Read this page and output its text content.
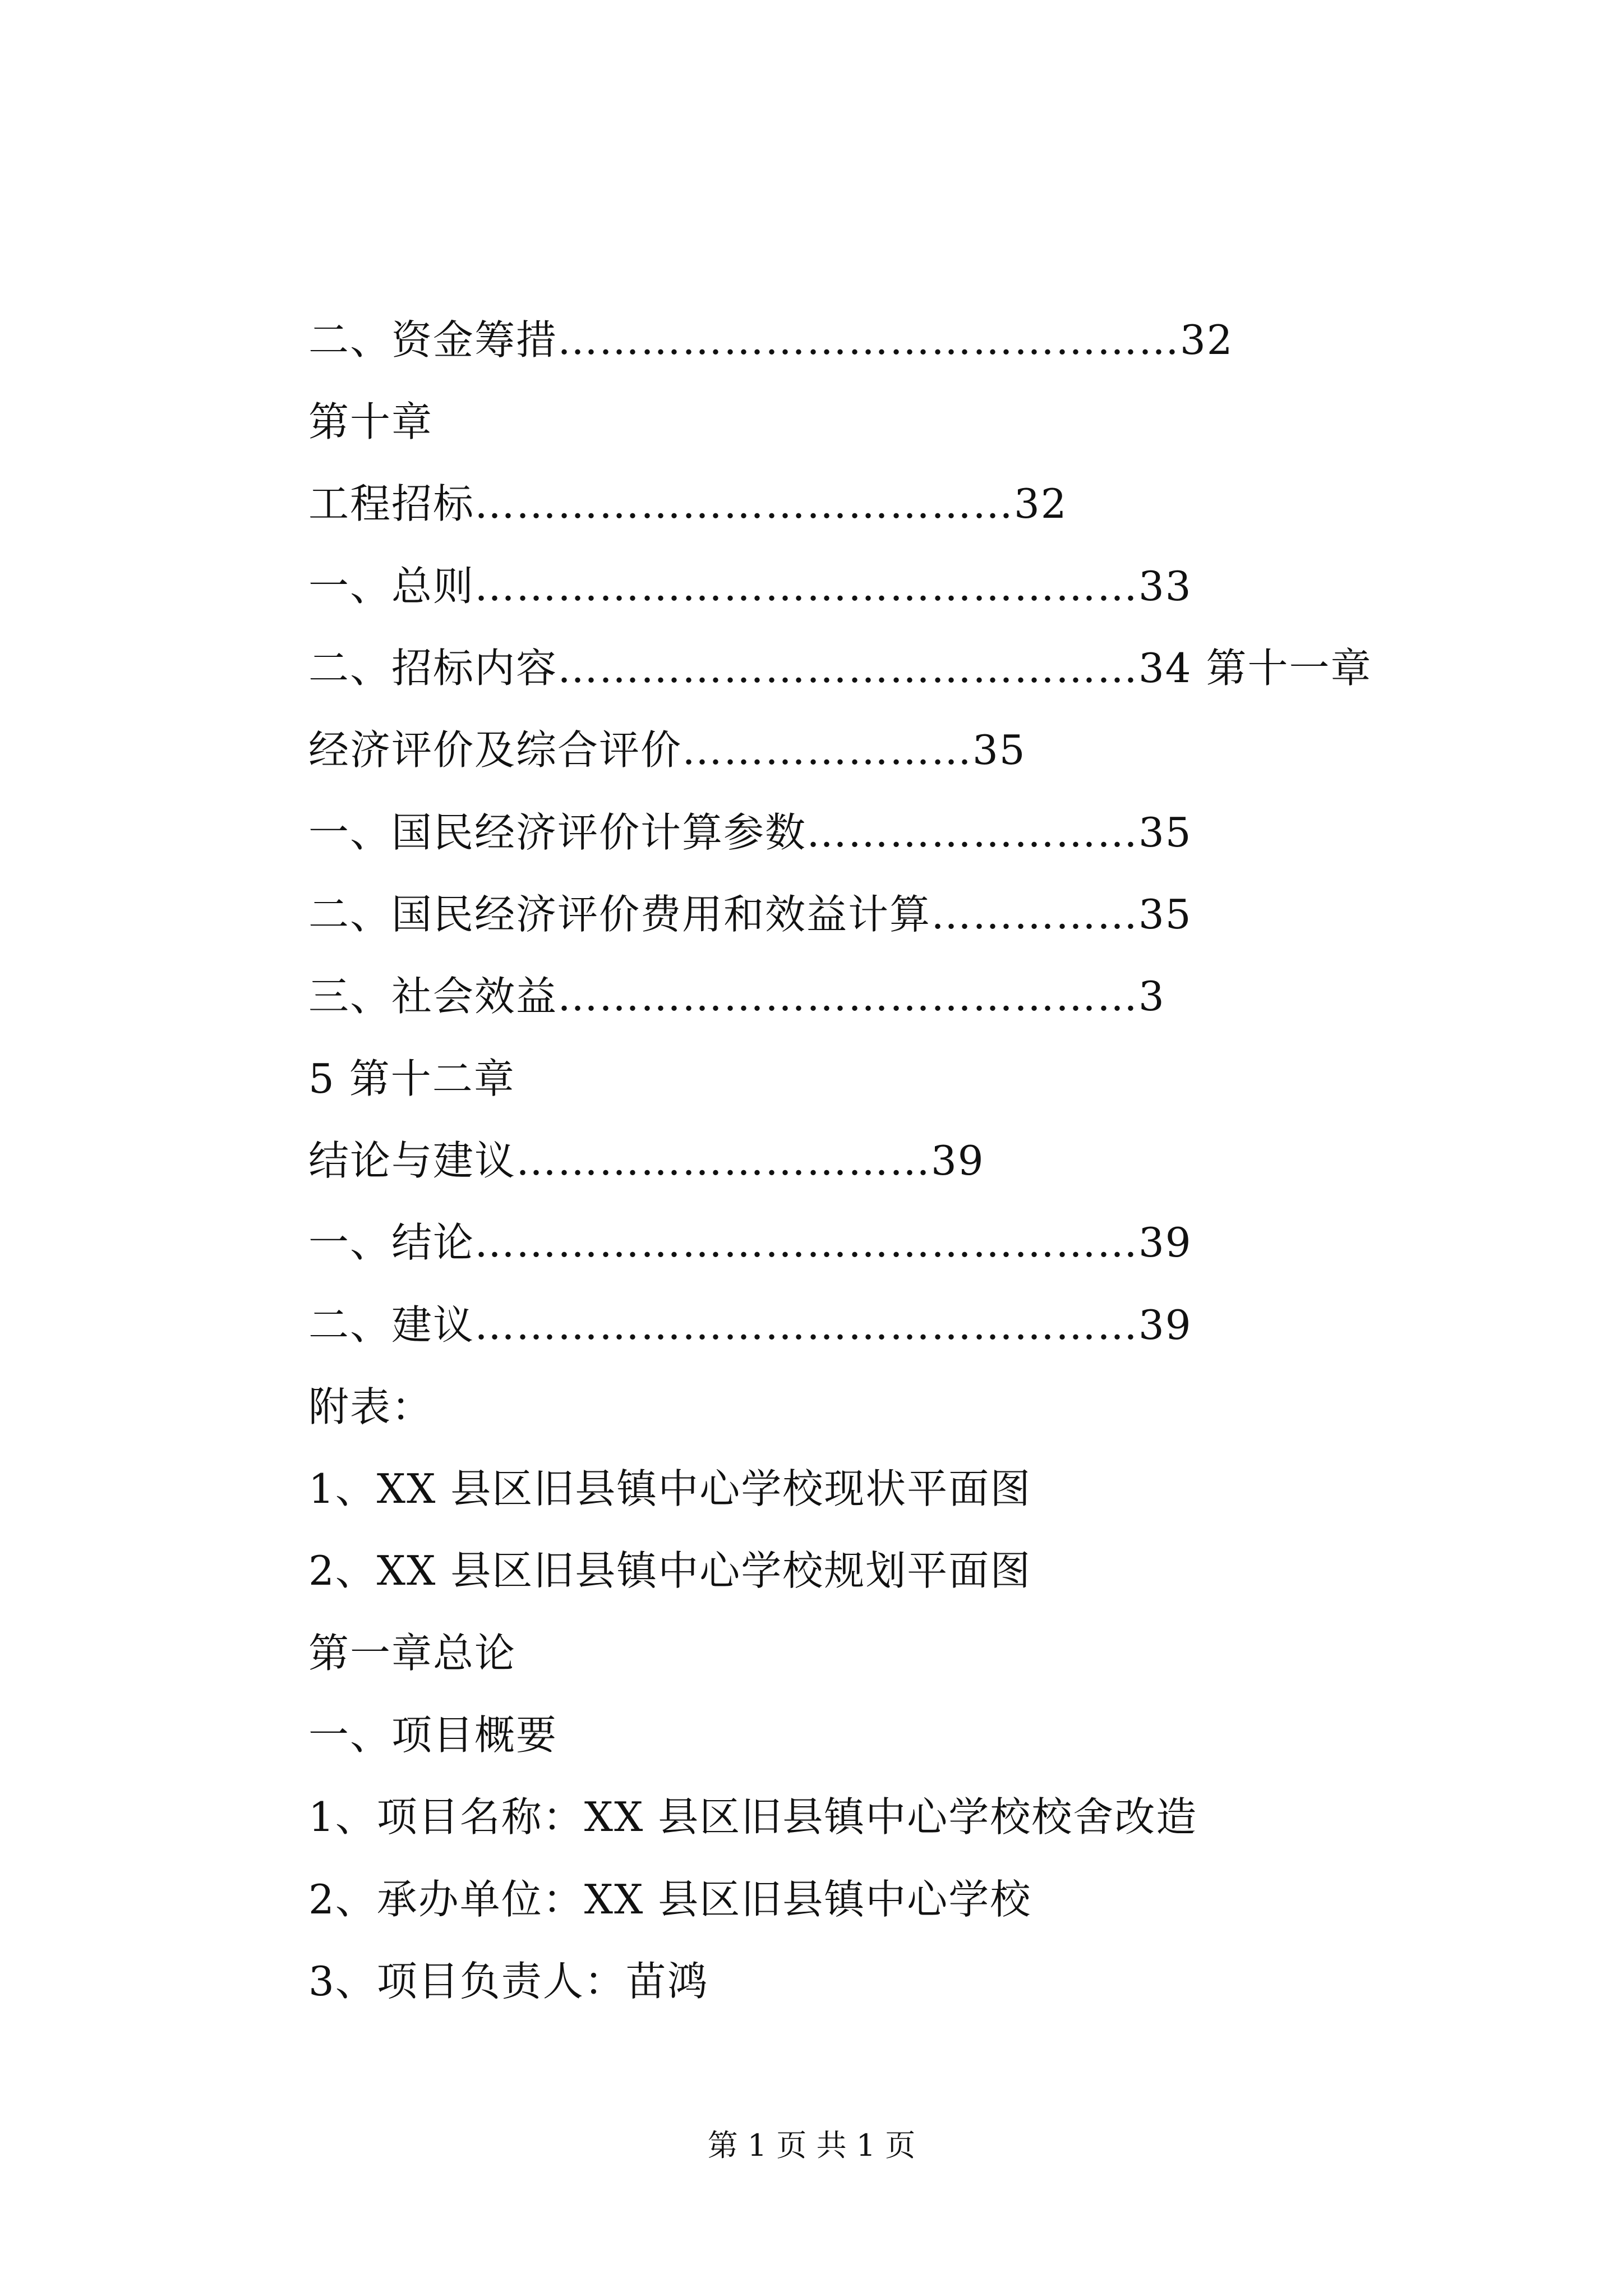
二、资金筹措………………………………………32
第十章
工程招标…………………………………32
一、总则…………………………………………33
二、招标内容……………………………………34 第十一章
经济评价及综合评价…………………35
一、国民经济评价计算参数……………………35
二、国民经济评价费用和效益计算……………35
三、社会效益……………………………………3
5 第十二章
结论与建议…………………………39
一、结论…………………………………………39
二、建议…………………………………………39
附表：
1、XX 县区旧县镇中心学校现状平面图
2、XX 县区旧县镇中心学校规划平面图
第一章总论
一、项目概要
1、项目名称：XX 县区旧县镇中心学校校舍改造
2、承办单位：XX 县区旧县镇中心学校
3、项目负责人：苗鸿
第 1 页 共 1 页
